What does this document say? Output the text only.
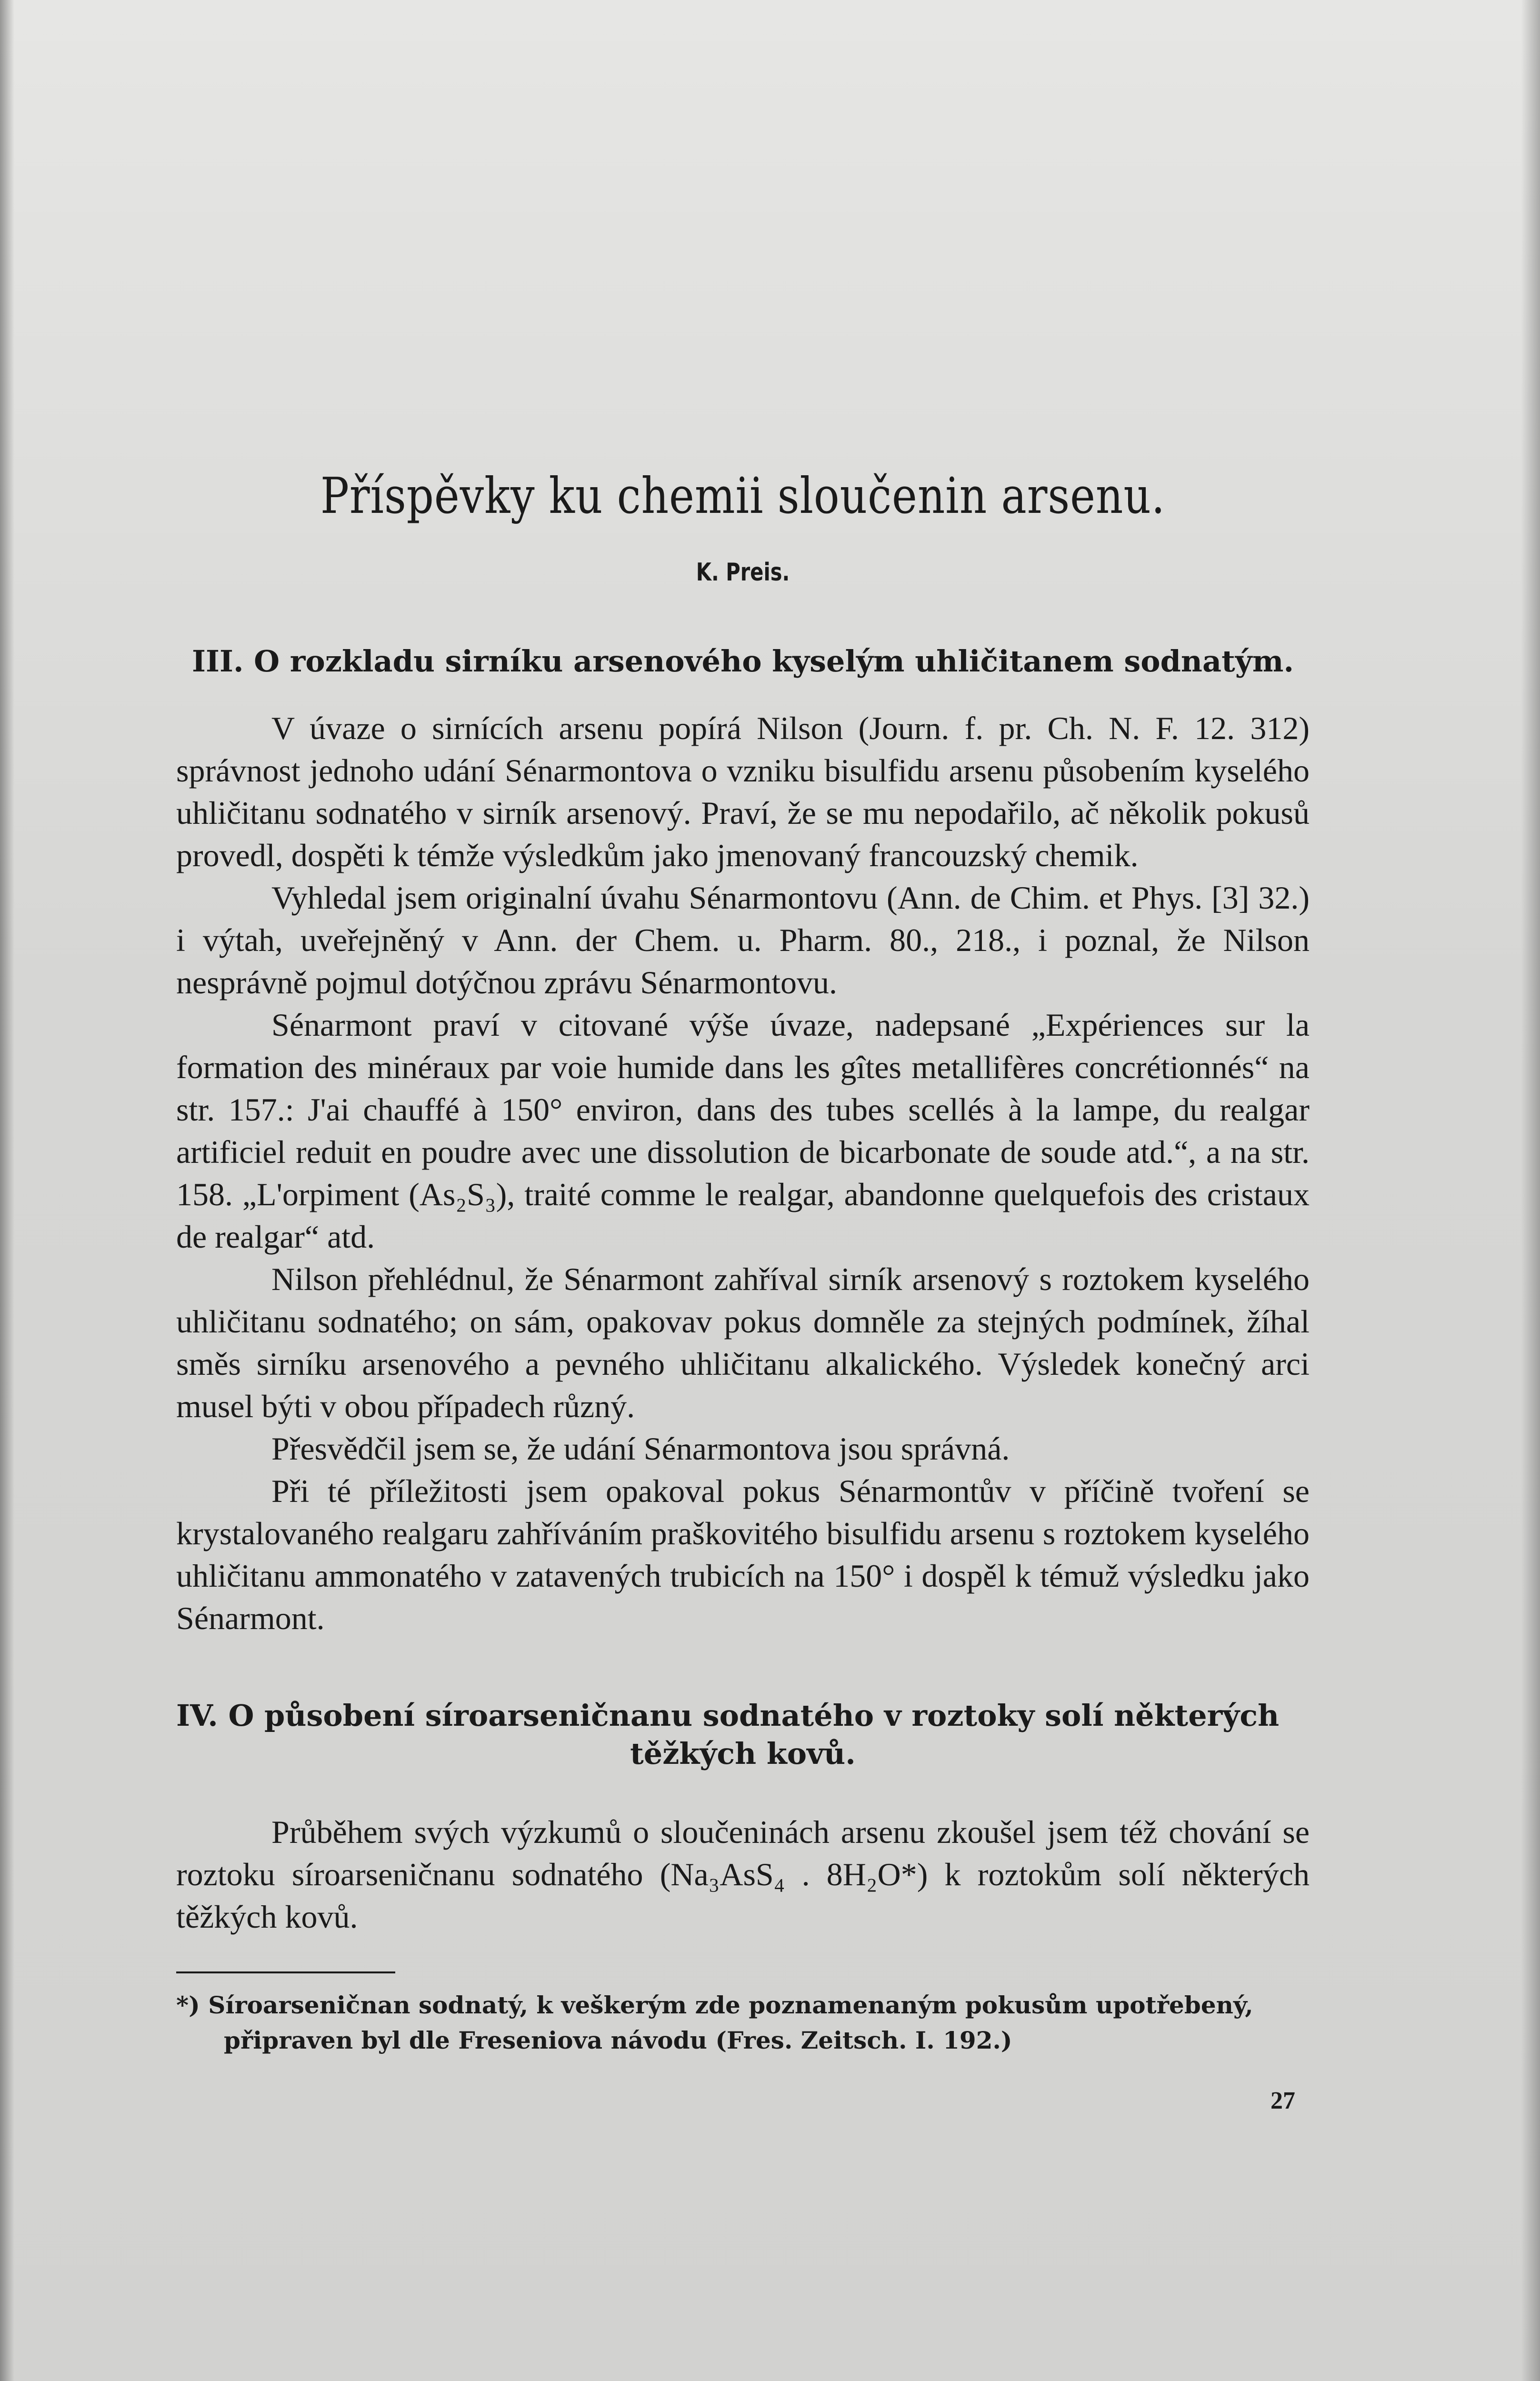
Příspěvky ku chemii sloučenin arsenu.
K. Preis.
III. O rozkladu sirníku arsenového kyselým uhličitanem sodnatým.

V úvaze o sirnících arsenu popírá Nilson (Journ. f. pr. Ch. N. F. 12. 312) správnost jednoho udání Sénarmontova o vzniku bisulfidu arsenu působením kyselého uhličitanu sodnatého v sirník arsenový. Praví, že se mu nepodařilo, ač několik pokusů provedl, dospěti k témže výsledkům jako jmenovaný francouzský chemik.

Vyhledal jsem originalní úvahu Sénarmontovu (Ann. de Chim. et Phys. [3] 32.) i výtah, uveřejněný v Ann. der Chem. u. Pharm. 80., 218., i poznal, že Nilson nesprávně pojmul dotýčnou zprávu Sénarmontovu.

Sénarmont praví v citované výše úvaze, nadepsané „Expériences sur la formation des minéraux par voie humide dans les gîtes metallifères concrétionnés“ na str. 157.: J'ai chauffé à 150° environ, dans des tubes scellés à la lampe, du realgar artificiel reduit en poudre avec une dissolution de bicarbonate de soude atd.“, a na str. 158. „L'orpiment (As₂S₃), traité comme le realgar, abandonne quelquefois des cristaux de realgar“ atd.

Nilson přehlédnul, že Sénarmont zahříval sirník arsenový s roztokem kyselého uhličitanu sodnatého; on sám, opakovav pokus domněle za stejných podmínek, žíhal směs sirníku arsenového a pevného uhličitanu alkalického. Výsledek konečný arci musel býti v obou případech různý.

Přesvědčil jsem se, že udání Sénarmontova jsou správná.

Při té příležitosti jsem opakoval pokus Sénarmontův v příčině tvoření se krystalovaného realgaru zahříváním praškovitého bisulfidu arsenu s roztokem kyselého uhličitanu ammonatého v zatavených trubicích na 150° i dospěl k témuž výsledku jako Sénarmont.

IV. O působení síroarseničnanu sodnatého v roztoky solí některých
těžkých kovů.

Průběhem svých výzkumů o sloučeninách arsenu zkoušel jsem též chování se roztoku síroarseničnanu sodnatého (Na₃AsS₄ . 8H₂O*) k roztokům solí některých těžkých kovů.

*) Síroarseničnan sodnatý, k veškerým zde poznamenaným pokusům upotřebený, připraven byl dle Freseniova návodu (Fres. Zeitsch. I. 192.)
27
